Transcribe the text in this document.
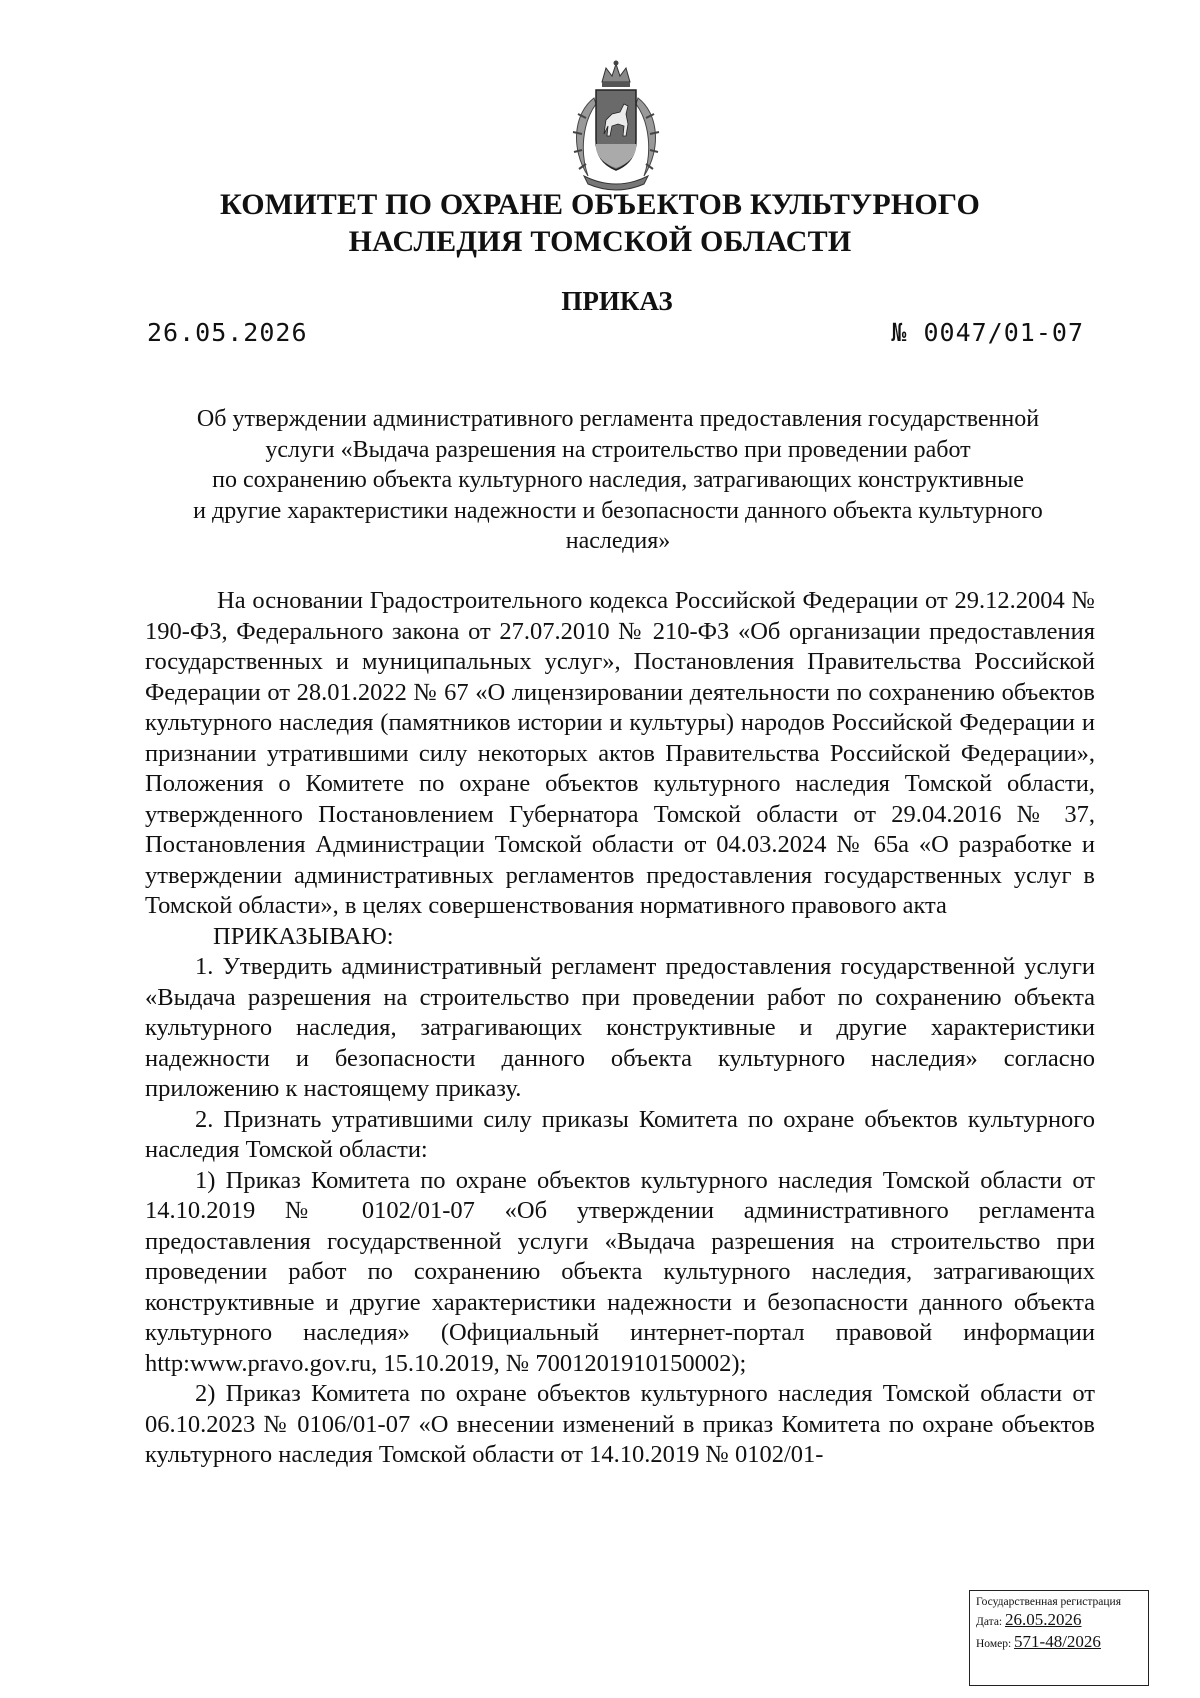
КОМИТЕТ ПО ОХРАНЕ ОБЪЕКТОВ КУЛЬТУРНОГО
НАСЛЕДИЯ ТОМСКОЙ ОБЛАСТИ
ПРИКАЗ
26.05.2026	№ 0047/01-07

Об утверждении административного регламента предоставления государственной
услуги «Выдача разрешения на строительство при проведении работ
по сохранению объекта культурного наследия, затрагивающих конструктивные
и другие характеристики надежности и безопасности данного объекта культурного
наследия»

На основании Градостроительного кодекса Российской Федерации от 29.12.2004 № 190-ФЗ, Федерального закона от 27.07.2010 № 210-ФЗ «Об организации предоставления государственных и муниципальных услуг», Постановления Правительства Российской Федерации от 28.01.2022 № 67 «О лицензировании деятельности по сохранению объектов культурного наследия (памятников истории и культуры) народов Российской Федерации и признании утратившими силу некоторых актов Правительства Российской Федерации», Положения о Комитете по охране объектов культурного наследия Томской области, утвержденного Постановлением Губернатора Томской области от 29.04.2016 № 37, Постановления Администрации Томской области от 04.03.2024 № 65а «О разработке и утверждении административных регламентов предоставления государственных услуг в Томской области», в целях совершенствования нормативного правового акта

ПРИКАЗЫВАЮ:

1. Утвердить административный регламент предоставления государственной услуги «Выдача разрешения на строительство при проведении работ по сохранению объекта культурного наследия, затрагивающих конструктивные и другие характеристики надежности и безопасности данного объекта культурного наследия» согласно приложению к настоящему приказу.

2. Признать утратившими силу приказы Комитета по охране объектов культурного наследия Томской области:

1) Приказ Комитета по охране объектов культурного наследия Томской области от 14.10.2019 № 0102/01-07 «Об утверждении административного регламента предоставления государственной услуги «Выдача разрешения на строительство при проведении работ по сохранению объекта культурного наследия, затрагивающих конструктивные и другие характеристики надежности и безопасности данного объекта культурного наследия» (Официальный интернет-портал правовой информации http:www.pravo.gov.ru, 15.10.2019, № 7001201910150002);

2) Приказ Комитета по охране объектов культурного наследия Томской области от 06.10.2023 № 0106/01-07 «О внесении изменений в приказ Комитета по охране объектов культурного наследия Томской области от 14.10.2019 № 0102/01-

Государственная регистрация
Дата: 26.05.2026
Номер: 571-48/2026
